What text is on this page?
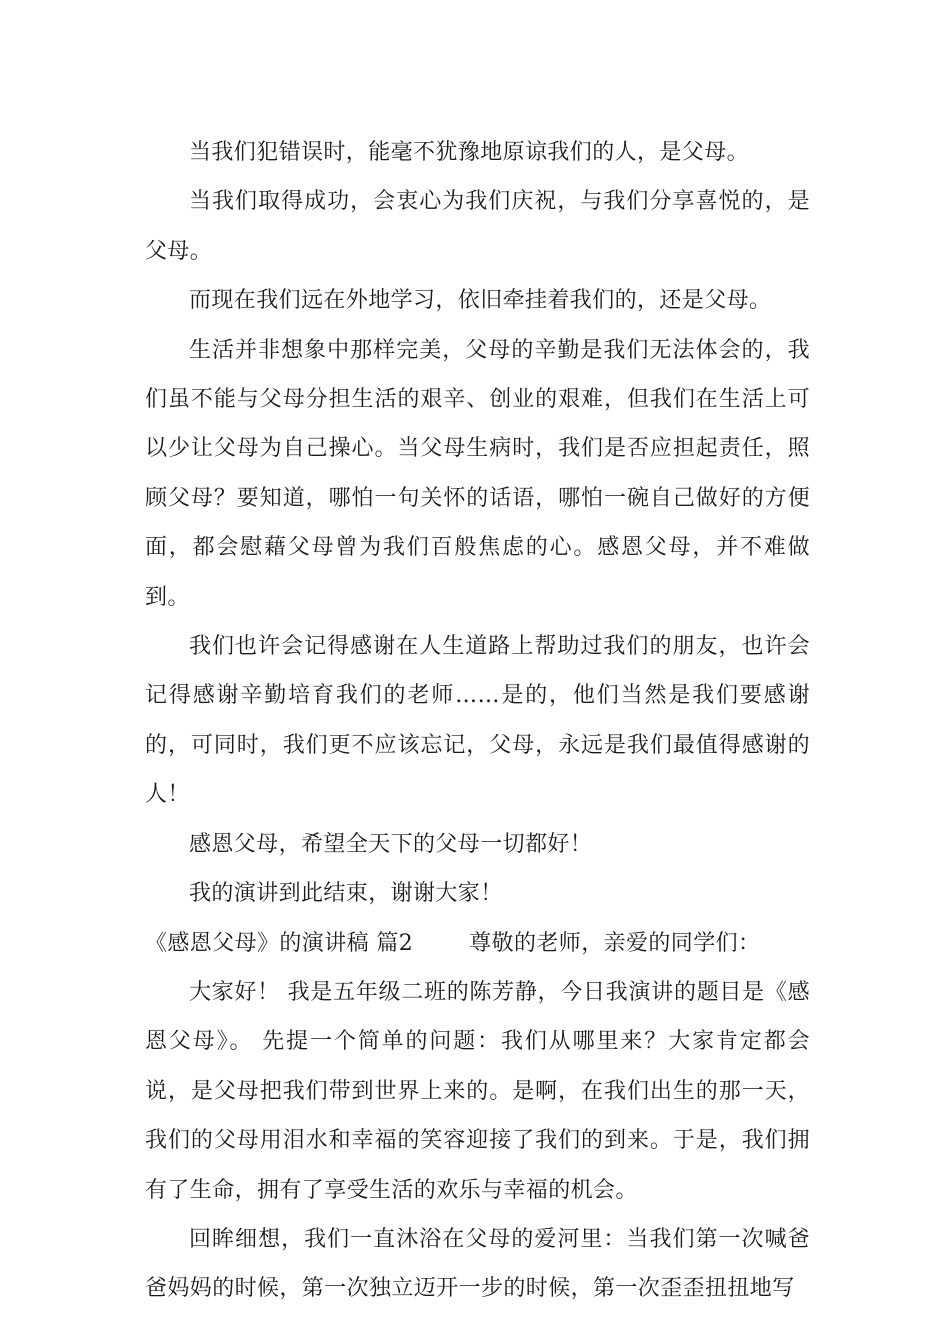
当我们犯错误时，能毫不犹豫地原谅我们的人，是父母。

当我们取得成功，会衷心为我们庆祝，与我们分享喜悦的，是父母。

而现在我们远在外地学习，依旧牵挂着我们的，还是父母。

生活并非想象中那样完美，父母的辛勤是我们无法体会的，我们虽不能与父母分担生活的艰辛、创业的艰难，但我们在生活上可以少让父母为自己操心。当父母生病时，我们是否应担起责任，照顾父母？要知道，哪怕一句关怀的话语，哪怕一碗自己做好的方便面，都会慰藉父母曾为我们百般焦虑的心。感恩父母，并不难做到。

我们也许会记得感谢在人生道路上帮助过我们的朋友，也许会记得感谢辛勤培育我们的老师……是的，他们当然是我们要感谢的，可同时，我们更不应该忘记，父母，永远是我们最值得感谢的人！

感恩父母，希望全天下的父母一切都好！

我的演讲到此结束，谢谢大家！

《感恩父母》的演讲稿 篇2	尊敬的老师，亲爱的同学们：

大家好！ 我是五年级二班的陈芳静，今日我演讲的题目是《感恩父母》。 先提一个简单的问题：我们从哪里来？大家肯定都会说，是父母把我们带到世界上来的。是啊，在我们出生的那一天，我们的父母用泪水和幸福的笑容迎接了我们的到来。于是，我们拥有了生命，拥有了享受生活的欢乐与幸福的机会。

回眸细想，我们一直沐浴在父母的爱河里：当我们第一次喊爸爸妈妈的时候，第一次独立迈开一步的时候，第一次歪歪扭扭地写
